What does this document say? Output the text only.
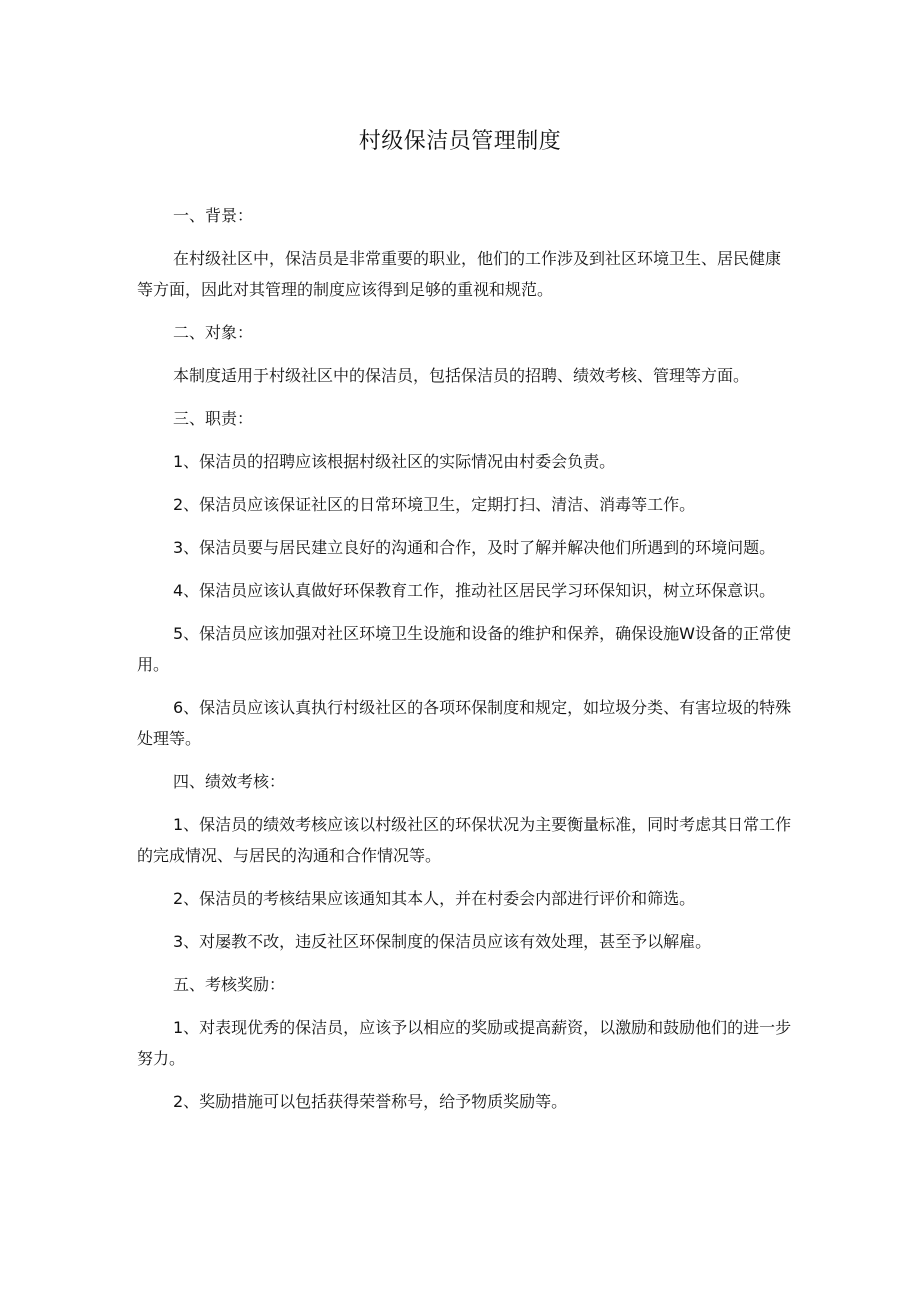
村级保洁员管理制度
一、背景：
在村级社区中，保洁员是非常重要的职业，他们的工作涉及到社区环境卫生、居民健康等方面，因此对其管理的制度应该得到足够的重视和规范。
二、对象：
本制度适用于村级社区中的保洁员，包括保洁员的招聘、绩效考核、管理等方面。
三、职责：
1、保洁员的招聘应该根据村级社区的实际情况由村委会负责。
2、保洁员应该保证社区的日常环境卫生，定期打扫、清洁、消毒等工作。
3、保洁员要与居民建立良好的沟通和合作，及时了解并解决他们所遇到的环境问题。
4、保洁员应该认真做好环保教育工作，推动社区居民学习环保知识，树立环保意识。
5、保洁员应该加强对社区环境卫生设施和设备的维护和保养，确保设施W设备的正常使用。
6、保洁员应该认真执行村级社区的各项环保制度和规定，如垃圾分类、有害垃圾的特殊处理等。
四、绩效考核：
1、保洁员的绩效考核应该以村级社区的环保状况为主要衡量标准，同时考虑其日常工作的完成情况、与居民的沟通和合作情况等。
2、保洁员的考核结果应该通知其本人，并在村委会内部进行评价和筛选。
3、对屡教不改，违反社区环保制度的保洁员应该有效处理，甚至予以解雇。
五、考核奖励：
1、对表现优秀的保洁员，应该予以相应的奖励或提高薪资，以激励和鼓励他们的进一步努力。
2、奖励措施可以包括获得荣誉称号，给予物质奖励等。
